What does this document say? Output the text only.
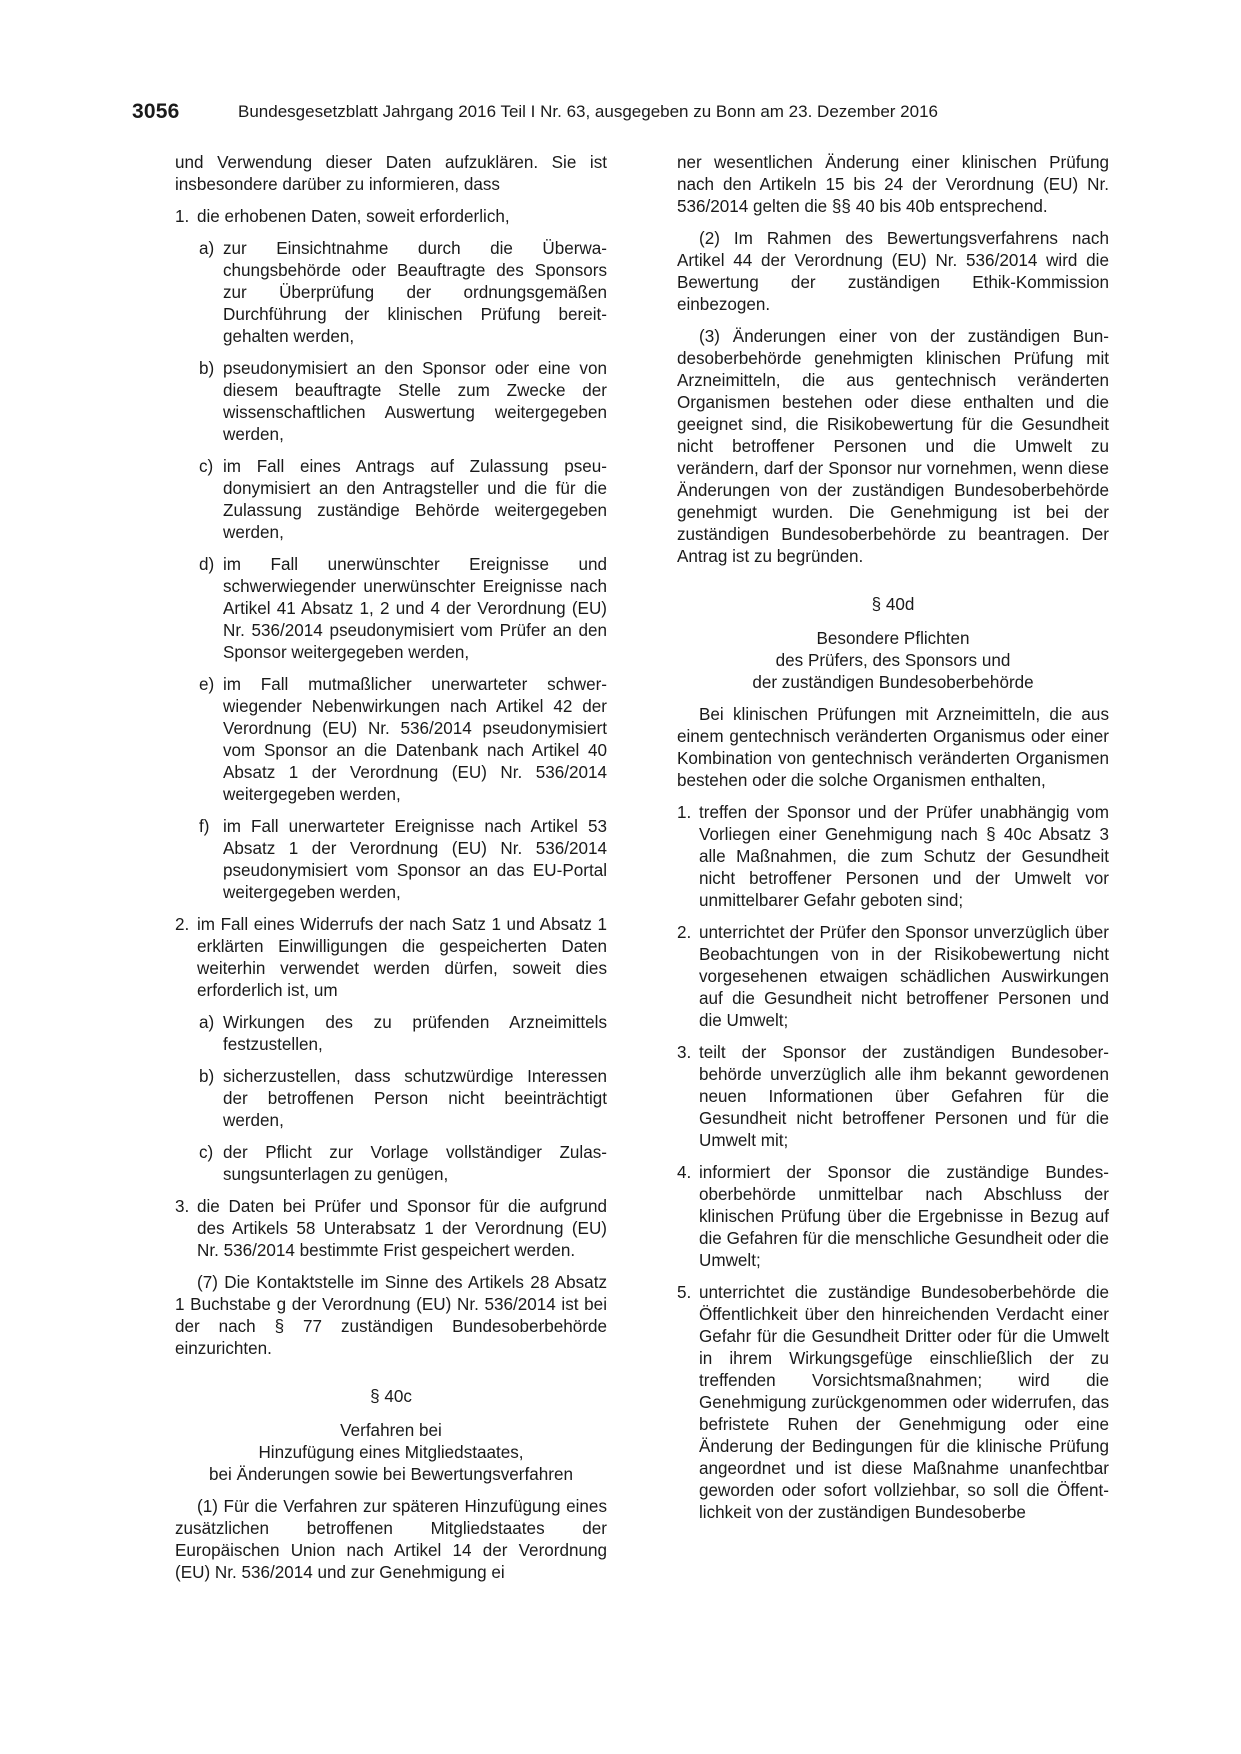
3056	Bundesgesetzblatt Jahrgang 2016 Teil I Nr. 63, ausgegeben zu Bonn am 23. Dezember 2016

und Verwendung dieser Daten aufzuklären. Sie ist insbesondere darüber zu informieren, dass

1. die erhobenen Daten, soweit erforderlich,
a) zur Einsichtnahme durch die Überwachungsbehörde oder Beauftragte des Sponsors zur Überprüfung der ordnungsgemäßen Durchführung der klinischen Prüfung bereitgehalten werden,
b) pseudonymisiert an den Sponsor oder eine von diesem beauftragte Stelle zum Zwecke der wissenschaftlichen Auswertung weitergegeben werden,
c) im Fall eines Antrags auf Zulassung pseudonymisiert an den Antragsteller und die für die Zulassung zuständige Behörde weitergegeben werden,
d) im Fall unerwünschter Ereignisse und schwerwiegender unerwünschter Ereignisse nach Artikel 41 Absatz 1, 2 und 4 der Verordnung (EU) Nr. 536/2014 pseudonymisiert vom Prüfer an den Sponsor weitergegeben werden,
e) im Fall mutmaßlicher unerwarteter schwerwiegender Nebenwirkungen nach Artikel 42 der Verordnung (EU) Nr. 536/2014 pseudonymisiert vom Sponsor an die Datenbank nach Artikel 40 Absatz 1 der Verordnung (EU) Nr. 536/2014 weitergegeben werden,
f) im Fall unerwarteter Ereignisse nach Artikel 53 Absatz 1 der Verordnung (EU) Nr. 536/2014 pseudonymisiert vom Sponsor an das EU-Portal weitergegeben werden,
2. im Fall eines Widerrufs der nach Satz 1 und Absatz 1 erklärten Einwilligungen die gespeicherten Daten weiterhin verwendet werden dürfen, soweit dies erforderlich ist, um
a) Wirkungen des zu prüfenden Arzneimittels festzustellen,
b) sicherzustellen, dass schutzwürdige Interessen der betroffenen Person nicht beeinträchtigt werden,
c) der Pflicht zur Vorlage vollständiger Zulassungsunterlagen zu genügen,
3. die Daten bei Prüfer und Sponsor für die aufgrund des Artikels 58 Unterabsatz 1 der Verordnung (EU) Nr. 536/2014 bestimmte Frist gespeichert werden.

(7) Die Kontaktstelle im Sinne des Artikels 28 Absatz 1 Buchstabe g der Verordnung (EU) Nr. 536/2014 ist bei der nach § 77 zuständigen Bundesoberbehörde einzurichten.

§ 40c

Verfahren bei

Hinzufügung eines Mitgliedstaates,

bei Änderungen sowie bei Bewertungsverfahren

(1) Für die Verfahren zur späteren Hinzufügung eines zusätzlichen betroffenen Mitgliedstaates der Europäischen Union nach Artikel 14 der Verordnung (EU) Nr. 536/2014 und zur Genehmigung ei

ner wesentlichen Änderung einer klinischen Prüfung nach den Artikeln 15 bis 24 der Verordnung (EU) Nr. 536/2014 gelten die §§ 40 bis 40b entsprechend.

(2) Im Rahmen des Bewertungsverfahrens nach Artikel 44 der Verordnung (EU) Nr. 536/2014 wird die Bewertung der zuständigen Ethik-Kommission einbezogen.

(3) Änderungen einer von der zuständigen Bundesoberbehörde genehmigten klinischen Prüfung mit Arzneimitteln, die aus gentechnisch veränderten Organismen bestehen oder diese enthalten und die geeignet sind, die Risikobewertung für die Gesundheit nicht betroffener Personen und die Umwelt zu verändern, darf der Sponsor nur vornehmen, wenn diese Änderungen von der zuständigen Bundesoberbehörde genehmigt wurden. Die Genehmigung ist bei der zuständigen Bundesoberbehörde zu beantragen. Der Antrag ist zu begründen.

§ 40d

Besondere Pflichten

des Prüfers, des Sponsors und

der zuständigen Bundesoberbehörde

Bei klinischen Prüfungen mit Arzneimitteln, die aus einem gentechnisch veränderten Organismus oder einer Kombination von gentechnisch veränderten Organismen bestehen oder die solche Organismen enthalten,

1. treffen der Sponsor und der Prüfer unabhängig vom Vorliegen einer Genehmigung nach § 40c Absatz 3 alle Maßnahmen, die zum Schutz der Gesundheit nicht betroffener Personen und der Umwelt vor unmittelbarer Gefahr geboten sind;
2. unterrichtet der Prüfer den Sponsor unverzüglich über Beobachtungen von in der Risikobewertung nicht vorgesehenen etwaigen schädlichen Auswirkungen auf die Gesundheit nicht betroffener Personen und die Umwelt;
3. teilt der Sponsor der zuständigen Bundesoberbehörde unverzüglich alle ihm bekannt gewordenen neuen Informationen über Gefahren für die Gesundheit nicht betroffener Personen und für die Umwelt mit;
4. informiert der Sponsor die zuständige Bundesoberbehörde unmittelbar nach Abschluss der klinischen Prüfung über die Ergebnisse in Bezug auf die Gefahren für die menschliche Gesundheit oder die Umwelt;
5. unterrichtet die zuständige Bundesoberbehörde die Öffentlichkeit über den hinreichenden Verdacht einer Gefahr für die Gesundheit Dritter oder für die Umwelt in ihrem Wirkungsgefüge einschließlich der zu treffenden Vorsichtsmaßnahmen; wird die Genehmigung zurückgenommen oder widerrufen, das befristete Ruhen der Genehmigung oder eine Änderung der Bedingungen für die klinische Prüfung angeordnet und ist diese Maßnahme unanfechtbar geworden oder sofort vollziehbar, so soll die Öffentlichkeit von der zuständigen Bundesoberbe
